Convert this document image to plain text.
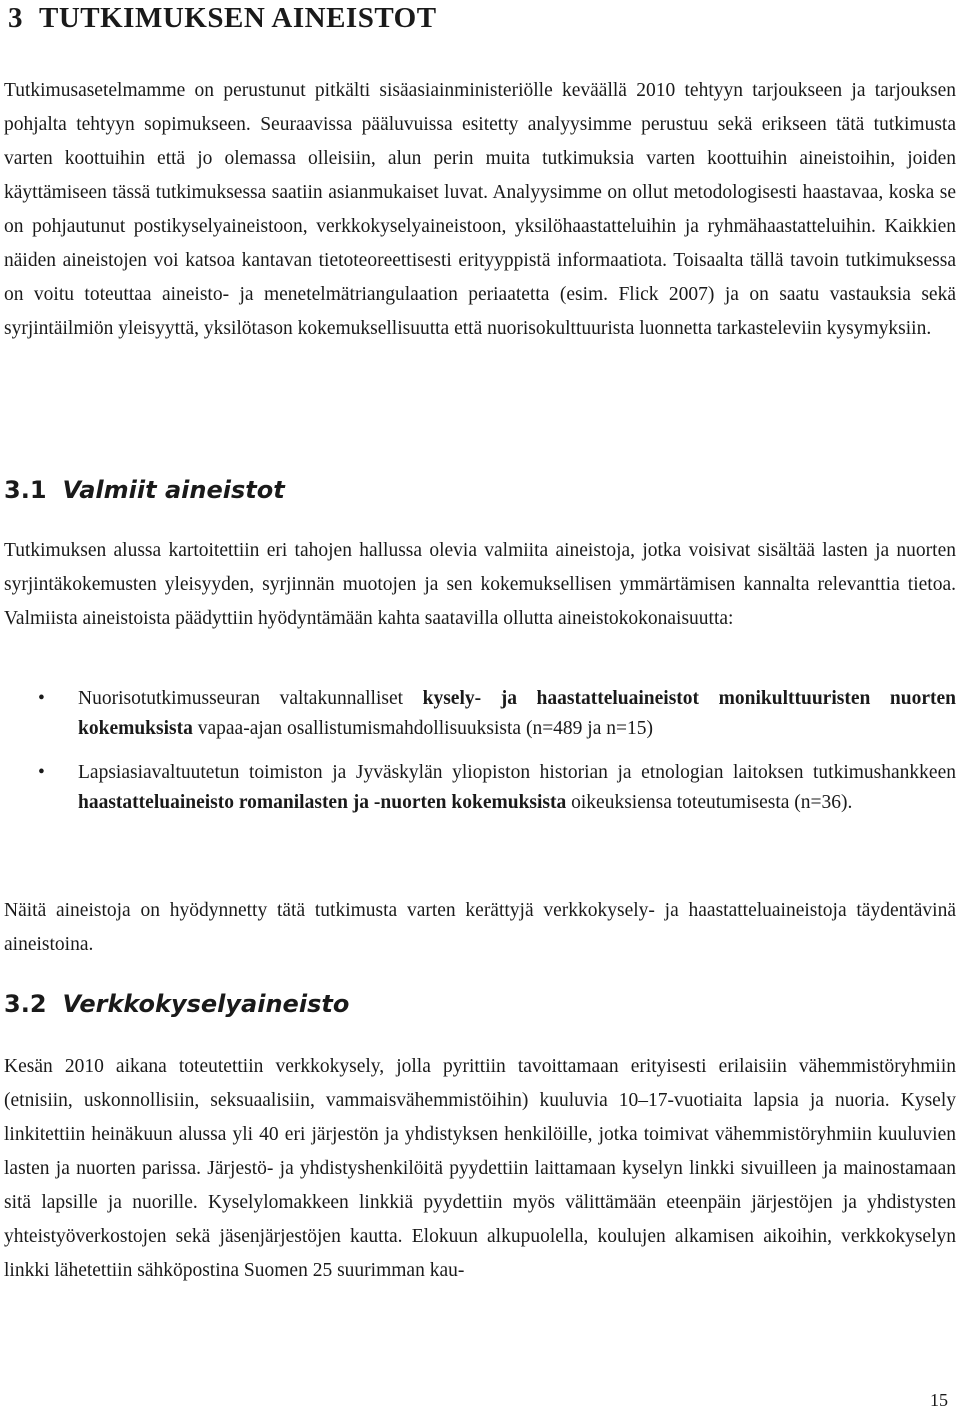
3 TUTKIMUKSEN AINEISTOT

Tutkimusasetelmamme on perustunut pitkälti sisäasiainministeriölle keväällä 2010 tehtyyn tarjoukseen ja tarjouksen pohjalta tehtyyn sopimukseen. Seuraavissa pääluvuissa esitetty analyysimme perustuu sekä erikseen tätä tutkimusta varten koottuihin että jo olemassa olleisiin, alun perin muita tutkimuksia varten koottuihin aineistoihin, joiden käyttämiseen tässä tutkimuksessa saatiin asianmukaiset luvat. Analyysimme on ollut metodologisesti haastavaa, koska se on pohjautunut postikyselyaineistoon, verkkokyselyaineistoon, yksilöhaastatteluihin ja ryhmähaastatteluihin. Kaikkien näiden aineistojen voi katsoa kantavan tietoteoreettisesti erityyppistä informaatiota. Toisaalta tällä tavoin tutkimuksessa on voitu toteuttaa aineisto- ja menetelmätriangulaation periaatetta (esim. Flick 2007) ja on saatu vastauksia sekä syrjintäilmiön yleisyyttä, yksilötason kokemuksellisuutta että nuorisokulttuurista luonnetta tarkasteleviin kysymyksiin.

3.1 Valmiit aineistot

Tutkimuksen alussa kartoitettiin eri tahojen hallussa olevia valmiita aineistoja, jotka voisivat sisältää lasten ja nuorten syrjintäkokemusten yleisyyden, syrjinnän muotojen ja sen kokemuksellisen ymmärtämisen kannalta relevanttia tietoa. Valmiista aineistoista päädyttiin hyödyntämään kahta saatavilla ollutta aineistokokonaisuutta:

• Nuorisotutkimusseuran valtakunnalliset kysely- ja haastatteluaineistot monikulttuuristen nuorten kokemuksista vapaa-ajan osallistumismahdollisuuksista (n=489 ja n=15)
• Lapsiasiavaltuutetun toimiston ja Jyväskylän yliopiston historian ja etnologian laitoksen tutkimushankkeen haastatteluaineisto romanilasten ja -nuorten kokemuksista oikeuksiensa toteutumisesta (n=36).

Näitä aineistoja on hyödynnetty tätä tutkimusta varten kerättyjä verkkokysely- ja haastatteluaineistoja täydentävinä aineistoina.

3.2 Verkkokyselyaineisto

Kesän 2010 aikana toteutettiin verkkokysely, jolla pyrittiin tavoittamaan erityisesti erilaisiin vähemmistöryhmiin (etnisiin, uskonnollisiin, seksuaalisiin, vammaisvähemmistöihin) kuuluvia 10–17-vuotiaita lapsia ja nuoria. Kysely linkitettiin heinäkuun alussa yli 40 eri järjestön ja yhdistyksen henkilöille, jotka toimivat vähemmistöryhmiin kuuluvien lasten ja nuorten parissa. Järjestö- ja yhdistyshenkilöitä pyydettiin laittamaan kyselyn linkki sivuilleen ja mainostamaan sitä lapsille ja nuorille. Kyselylomakkeen linkkiä pyydettiin myös välittämään eteenpäin järjestöjen ja yhdistysten yhteistyöverkostojen sekä jäsenjärjestöjen kautta. Elokuun alkupuolella, koulujen alkamisen aikoihin, verkkokyselyn linkki lähetettiin sähköpostina Suomen 25 suurimman kau-

15
